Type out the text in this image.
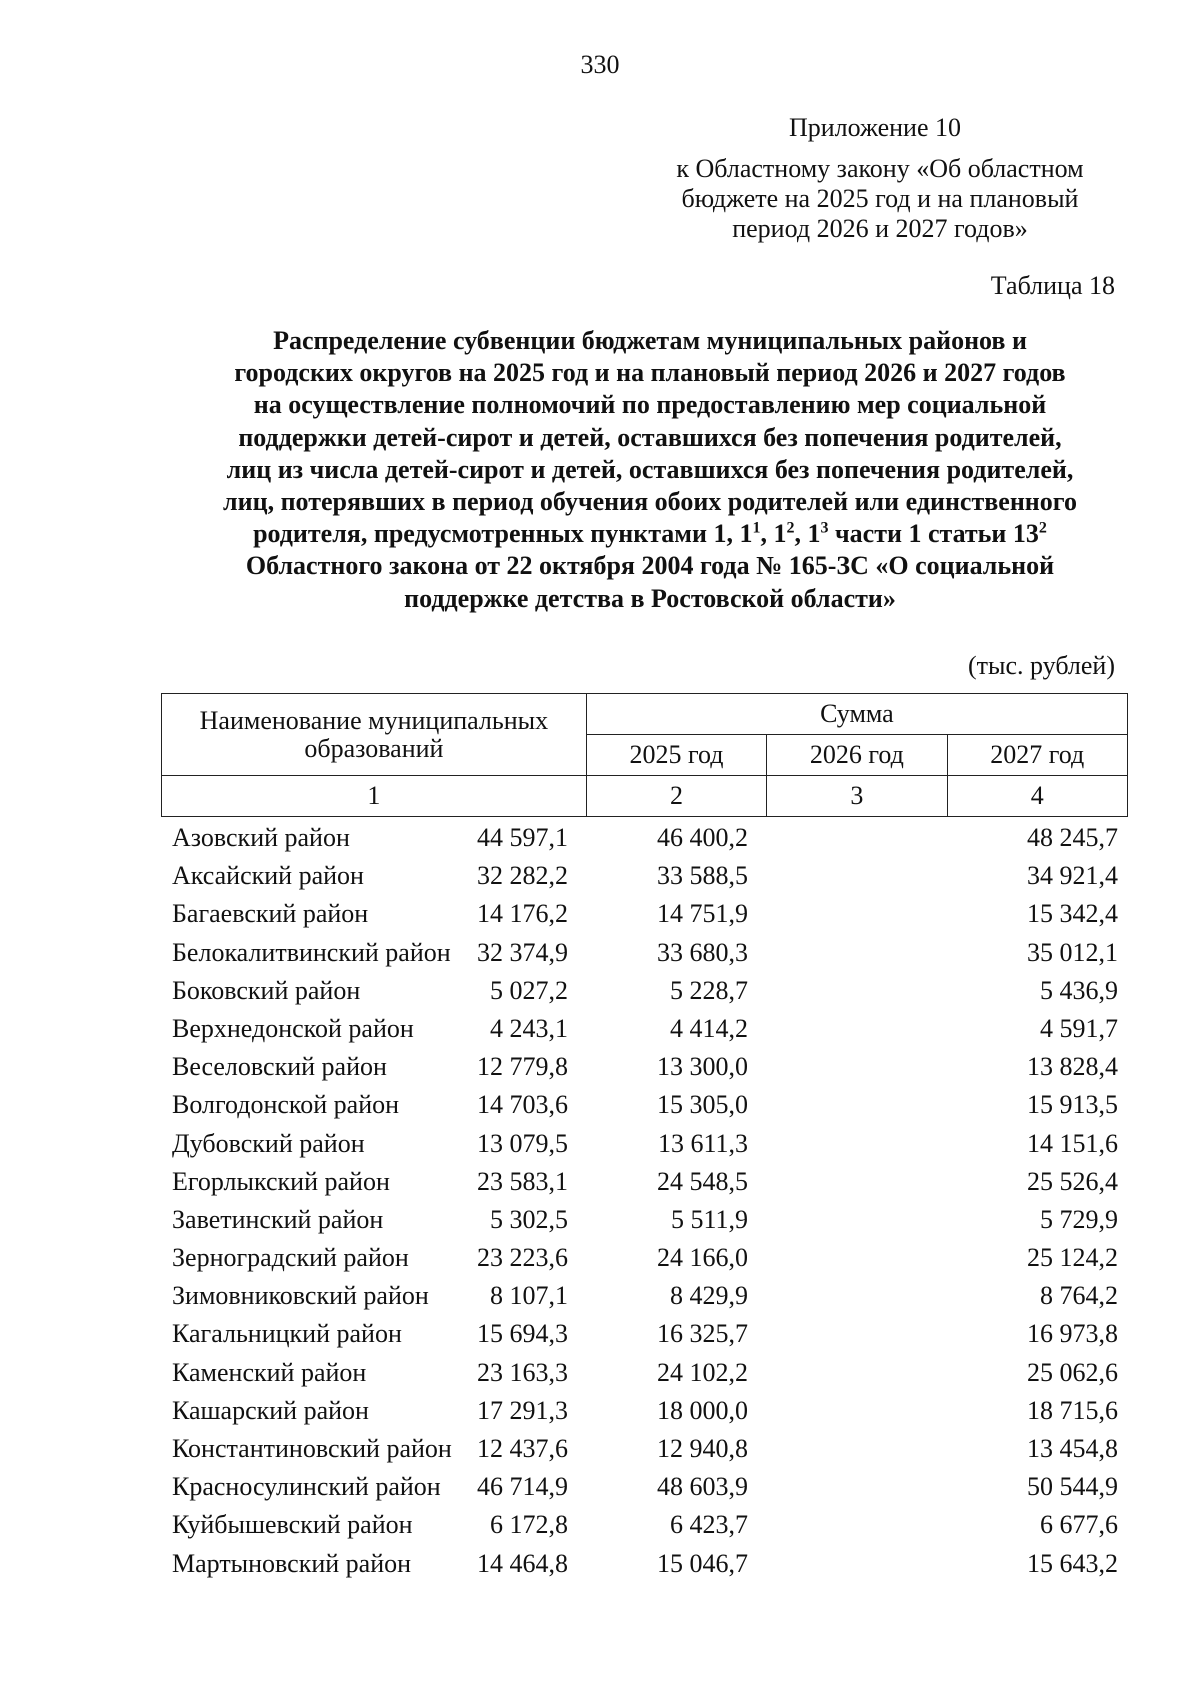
330
Приложение 10
к Областному закону «Об областном
бюджете на 2025 год и на плановый
период 2026 и 2027 годов»
Таблица 18
Распределение субвенции бюджетам муниципальных районов и
городских округов на 2025 год и на плановый период 2026 и 2027 годов
на осуществление полномочий по предоставлению мер социальной
поддержки детей-сирот и детей, оставшихся без попечения родителей,
лиц из числа детей-сирот и детей, оставшихся без попечения родителей,
лиц, потерявших в период обучения обоих родителей или единственного
родителя, предусмотренных пунктами 1, $1^1$, $1^2$, $1^3$ части 1 статьи $13^2$
Областного закона от 22 октября 2004 года № 165-ЗС «О социальной
поддержке детства в Ростовской области»
(тыс. рублей)
Наименование муниципальных образований	Сумма		
	2025 год	2026 год	2027 год
1	2	3	4
Азовский район	44 597,1	46 400,2	48 245,7
Аксайский район	32 282,2	33 588,5	34 921,4
Багаевский район	14 176,2	14 751,9	15 342,4
Белокалитвинский район 32 374,9	33 680,3	35 012,1
Боковский район	5 027,2	5 228,7	5 436,9
Верхнедонской район	4 243,1	4 414,2	4 591,7
Веселовский район	12 779,8	13 300,0	13 828,4
Волгодонской район	14 703,6	15 305,0	15 913,5
Дубовский район	13 079,5	13 611,3	14 151,6
Егорлыкский район	23 583,1	24 548,5	25 526,4
Заветинский район	5 302,5	5 511,9	5 729,9
Зерноградский район	23 223,6	24 166,0	25 124,2
Зимовниковский район 8 107,1	8 429,9	8 764,2
Кагальницкий район	15 694,3	16 325,7	16 973,8
Каменский район	23 163,3	24 102,2	25 062,6
Кашарский район	17 291,3	18 000,0	18 715,6
Константиновский район 12 437,6	12 940,8	13 454,8
Красносулинский район 46 714,9	48 603,9	50 544,9
Куйбышевский район	6 172,8	6 423,7	6 677,6
Мартыновский район	14 464,8	15 046,7	15 643,2
